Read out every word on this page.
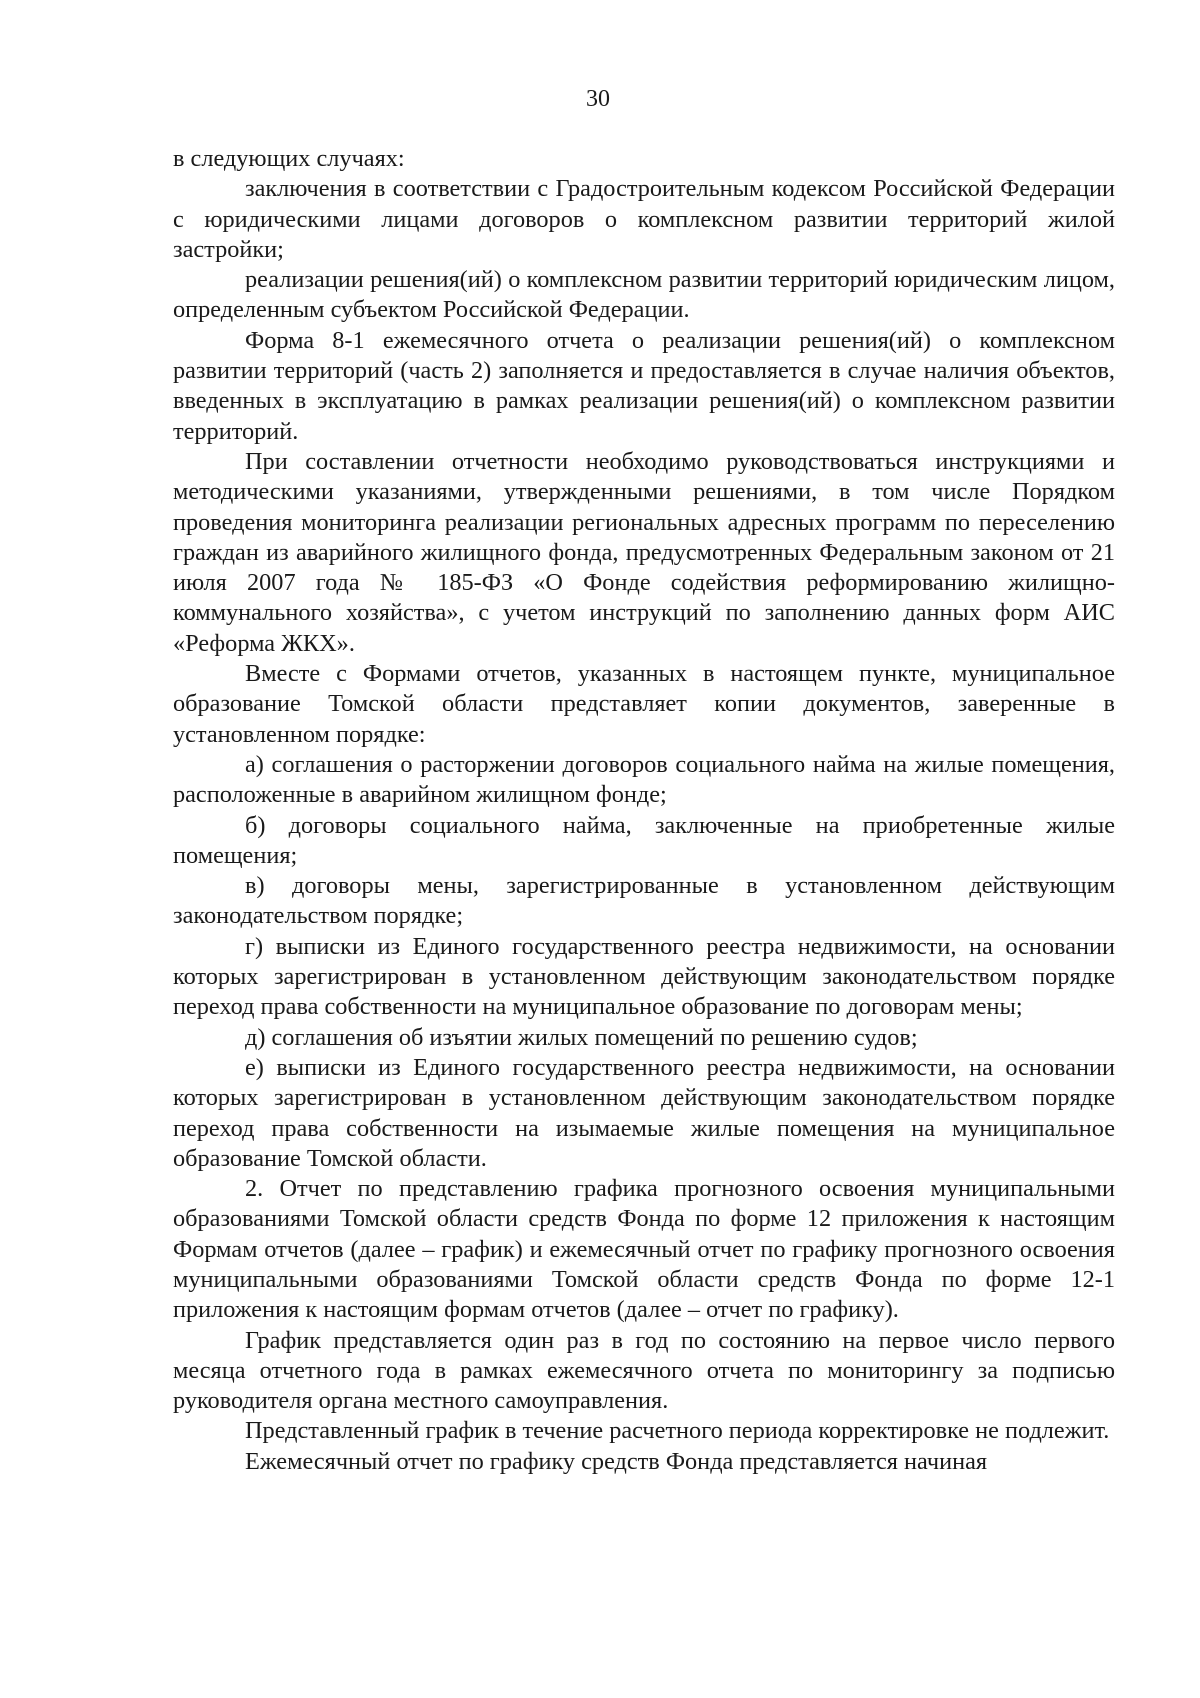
30

в следующих случаях:

заключения в соответствии с Градостроительным кодексом Российской Федерации с юридическими лицами договоров о комплексном развитии территорий жилой застройки;

реализации решения(ий) о комплексном развитии территорий юридическим лицом, определенным субъектом Российской Федерации.

Форма 8-1 ежемесячного отчета о реализации решения(ий) о комплексном развитии территорий (часть 2) заполняется и предоставляется в случае наличия объектов, введенных в эксплуатацию в рамках реализации решения(ий) о комплексном развитии территорий.

При составлении отчетности необходимо руководствоваться инструкциями и методическими указаниями, утвержденными решениями, в том числе Порядком проведения мониторинга реализации региональных адресных программ по переселению граждан из аварийного жилищного фонда, предусмотренных Федеральным законом от 21 июля 2007 года № 185-ФЗ «О Фонде содействия реформированию жилищно-коммунального хозяйства», с учетом инструкций по заполнению данных форм АИС «Реформа ЖКХ».

Вместе с Формами отчетов, указанных в настоящем пункте, муниципальное образование Томской области представляет копии документов, заверенные в установленном порядке:

а) соглашения о расторжении договоров социального найма на жилые помещения, расположенные в аварийном жилищном фонде;

б) договоры социального найма, заключенные на приобретенные жилые помещения;

в) договоры мены, зарегистрированные в установленном действующим законодательством порядке;

г) выписки из Единого государственного реестра недвижимости, на основании которых зарегистрирован в установленном действующим законодательством порядке переход права собственности на муниципальное образование по договорам мены;

д) соглашения об изъятии жилых помещений по решению судов;

е) выписки из Единого государственного реестра недвижимости, на основании которых зарегистрирован в установленном действующим законодательством порядке переход права собственности на изымаемые жилые помещения на муниципальное образование Томской области.

2. Отчет по представлению графика прогнозного освоения муниципальными образованиями Томской области средств Фонда по форме 12 приложения к настоящим Формам отчетов (далее – график) и ежемесячный отчет по графику прогнозного освоения муниципальными образованиями Томской области средств Фонда по форме 12-1 приложения к настоящим формам отчетов (далее – отчет по графику).

График представляется один раз в год по состоянию на первое число первого месяца отчетного года в рамках ежемесячного отчета по мониторингу за подписью руководителя органа местного самоуправления.

Представленный график в течение расчетного периода корректировке не подлежит.

Ежемесячный отчет по графику средств Фонда представляется начиная
